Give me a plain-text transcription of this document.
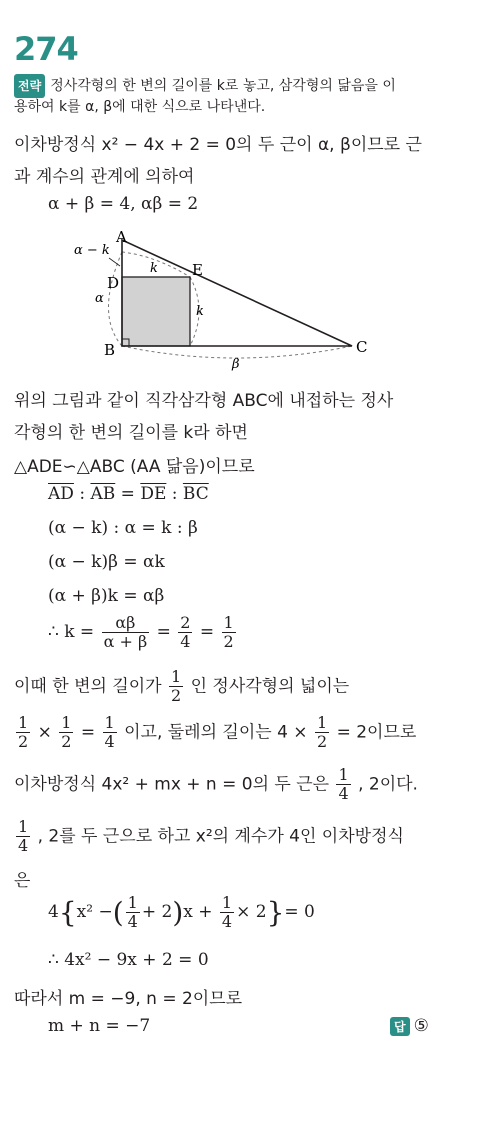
274
전략 정사각형의 한 변의 길이를 k로 놓고, 삼각형의 닮음을 이
용하여 k를 α, β에 대한 식으로 나타낸다.
이차방정식 x² − 4x + 2 = 0의 두 근이 α, β이므로 근
과 계수의 관계에 의하여
α + β = 4, αβ = 2
A
B	C
D
E
α − k
α
k
k
β
위의 그림과 같이 직각삼각형 ABC에 내접하는 정사
각형의 한 변의 길이를 k라 하면
△ADE∽△ABC (AA 닮음)이므로
$\overline{AD}$ : $\overline{AB} = \overline{DE}$ : $\overline{BC}$
(α − k) : α = k : β
(α − k)β = αk
(α + β)k = αβ
∴ $k = \frac{\alpha\beta}{\alpha + \beta} = \frac{2}{4} = \frac{1}{2}$
이때 한 변의 길이가 $\frac{1}{2}$ 인 정사각형의 넓이는
$\frac{1}{2} \times \frac{1}{2} = \frac{1}{4}$ 이고, 둘레의 길이는 $4 \times \frac{1}{2} = 2$이므로
이차방정식 4x² + mx + n = 0의 두 근은 $\frac{1}{4}$ , 2이다.
$\frac{1}{4}$ , 2를 두 근으로 하고 x²의 계수가 4인 이차방정식
은
4{x² −( $\frac{1}{4} + 2)x + \frac{1}{4} \times 2\}= 0$
∴ 4x² − 9x + 2 = 0
따라서 m = −9, n = 2이므로
m + n = −7	답 ⑤
